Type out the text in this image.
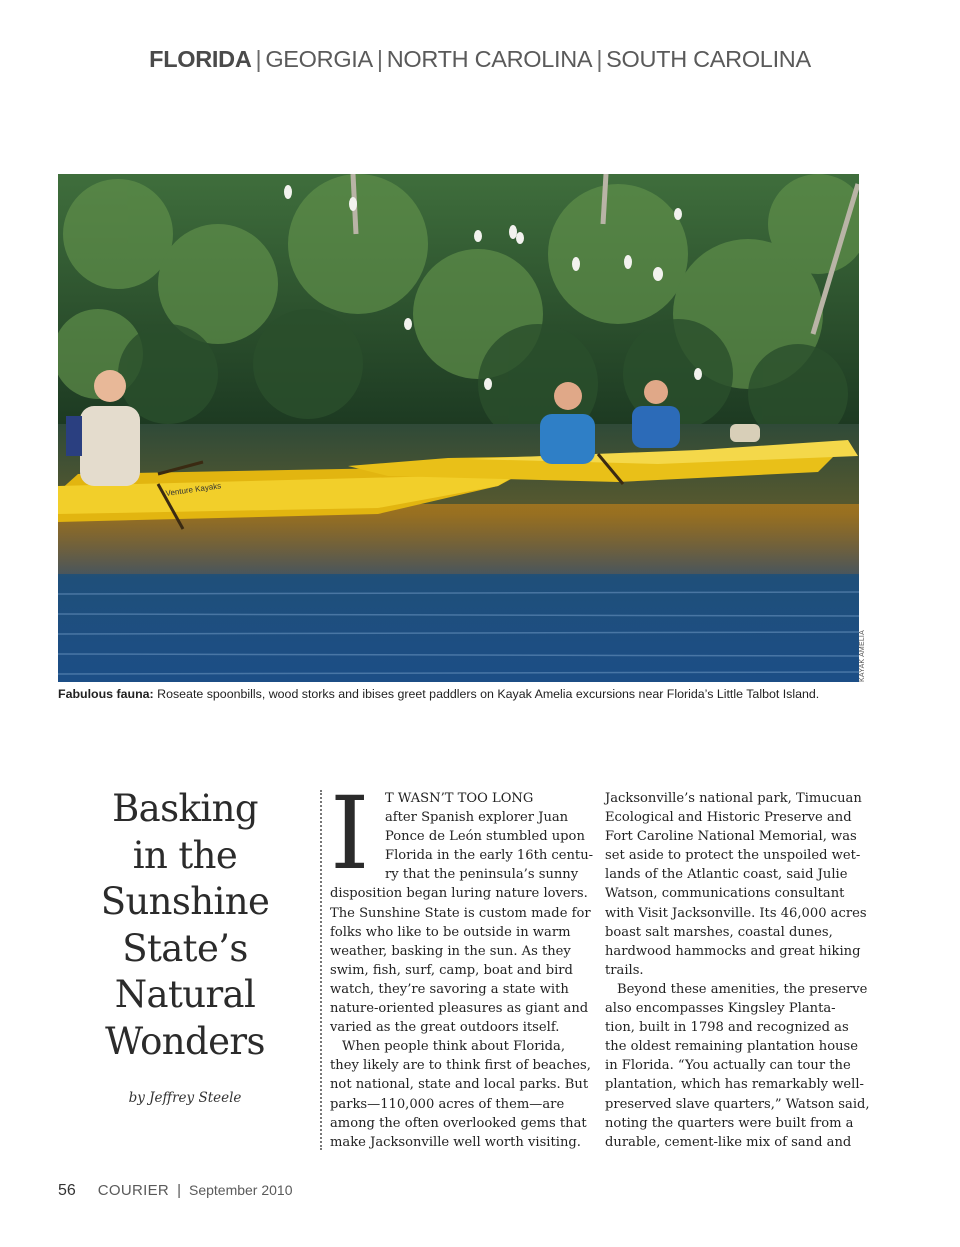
FLORIDA | GEORGIA | NORTH CAROLINA | SOUTH CAROLINA
Venture Kayaks
KAYAK AMELIA
Fabulous fauna: Roseate spoonbills, wood storks and ibises greet paddlers on Kayak Amelia excursions near Florida’s Little Talbot Island.
Basking
in the
Sunshine
State’s
Natural
Wonders
by Jeffrey Steele
I	T WASN’T TOO LONG
after Spanish explorer Juan
Ponce de León stumbled upon
Florida in the early 16th centu-
ry that the peninsula’s sunny
disposition began luring nature lovers.
The Sunshine State is custom made for
folks who like to be outside in warm
weather, basking in the sun. As they
swim, fish, surf, camp, boat and bird
watch, they’re savoring a state with
nature-oriented pleasures as giant and
varied as the great outdoors itself.
When people think about Florida,
they likely are to think first of beaches,
not national, state and local parks. But
parks—110,000 acres of them—are
among the often overlooked gems that
make Jacksonville well worth visiting.
Jacksonville’s national park, Timucuan
Ecological and Historic Preserve and
Fort Caroline National Memorial, was
set aside to protect the unspoiled wet-
lands of the Atlantic coast, said Julie
Watson, communications consultant
with Visit Jacksonville. Its 46,000 acres
boast salt marshes, coastal dunes,
hardwood hammocks and great hiking
trails.
Beyond these amenities, the preserve
also encompasses Kingsley Planta-
tion, built in 1798 and recognized as
the oldest remaining plantation house
in Florida. “You actually can tour the
plantation, which has remarkably well-
preserved slave quarters,” Watson said,
noting the quarters were built from a
durable, cement-like mix of sand and
56 COURIER | September 2010
